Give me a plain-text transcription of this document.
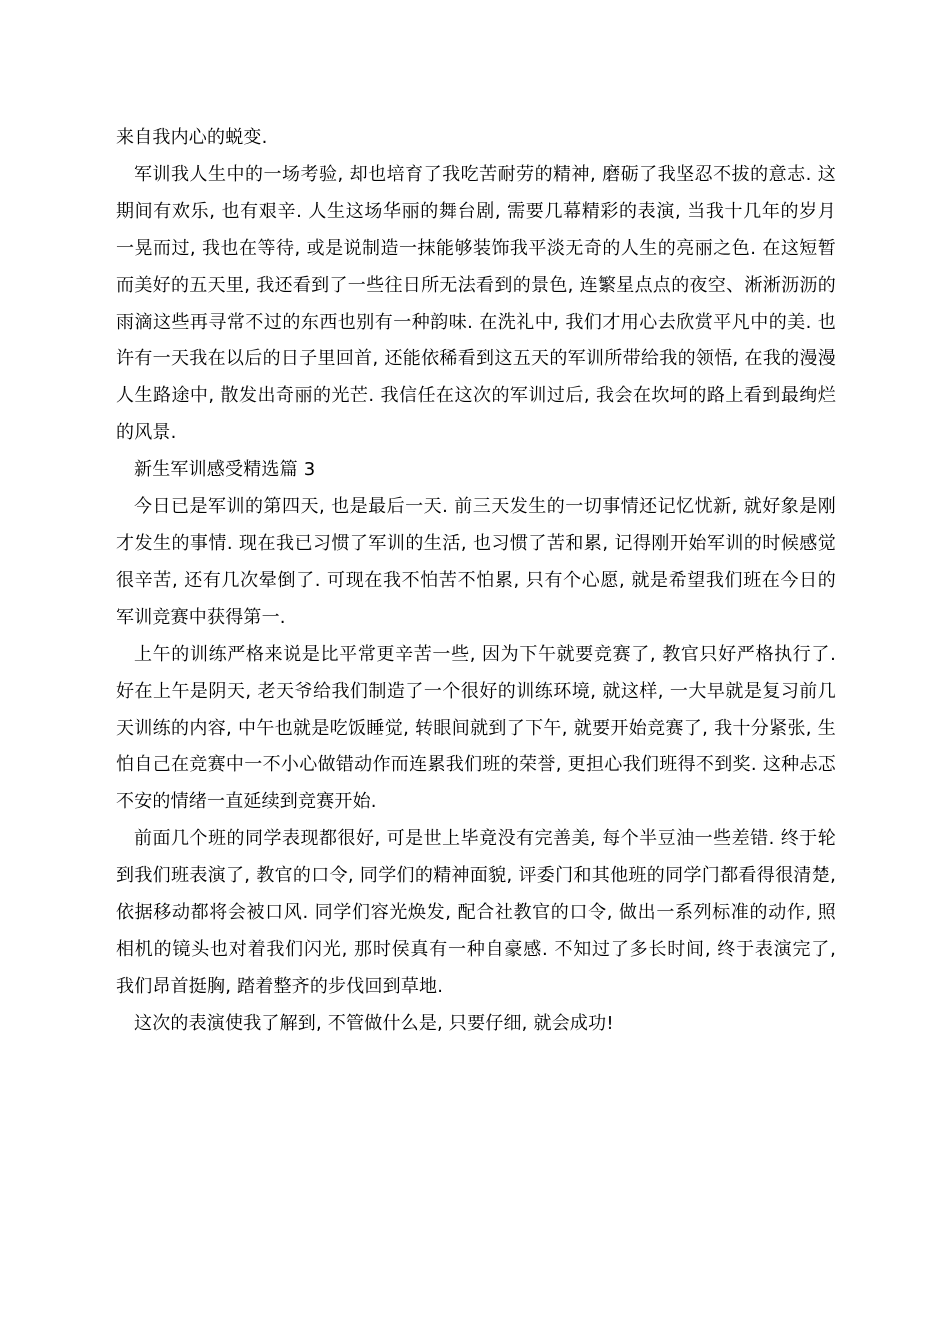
来自我内心的蜕变.

军训我人生中的一场考验, 却也培育了我吃苦耐劳的精神, 磨砺了我坚忍不拔的意志. 这期间有欢乐, 也有艰辛. 人生这场华丽的舞台剧, 需要几幕精彩的表演, 当我十几年的岁月一晃而过, 我也在等待, 或是说制造一抹能够装饰我平淡无奇的人生的亮丽之色. 在这短暂而美好的五天里, 我还看到了一些往日所无法看到的景色, 连繁星点点的夜空、淅淅沥沥的雨滴这些再寻常不过的东西也别有一种韵味. 在洗礼中, 我们才用心去欣赏平凡中的美. 也许有一天我在以后的日子里回首, 还能依稀看到这五天的军训所带给我的领悟, 在我的漫漫人生路途中, 散发出奇丽的光芒. 我信任在这次的军训过后, 我会在坎坷的路上看到最绚烂的风景.

新生军训感受精选篇 3

今日已是军训的第四天, 也是最后一天. 前三天发生的一切事情还记忆忧新, 就好象是刚才发生的事情. 现在我已习惯了军训的生活, 也习惯了苦和累, 记得刚开始军训的时候感觉很辛苦, 还有几次晕倒了. 可现在我不怕苦不怕累, 只有个心愿, 就是希望我们班在今日的军训竞赛中获得第一.

上午的训练严格来说是比平常更辛苦一些, 因为下午就要竞赛了, 教官只好严格执行了. 好在上午是阴天, 老天爷给我们制造了一个很好的训练环境, 就这样, 一大早就是复习前几天训练的内容, 中午也就是吃饭睡觉, 转眼间就到了下午, 就要开始竞赛了, 我十分紧张, 生怕自己在竞赛中一不小心做错动作而连累我们班的荣誉, 更担心我们班得不到奖. 这种忐忑不安的情绪一直延续到竞赛开始.

前面几个班的同学表现都很好, 可是世上毕竟没有完善美, 每个半豆油一些差错. 终于轮到我们班表演了, 教官的口令, 同学们的精神面貌, 评委门和其他班的同学门都看得很清楚, 依据移动都将会被口风. 同学们容光焕发, 配合社教官的口令, 做出一系列标准的动作, 照相机的镜头也对着我们闪光, 那时侯真有一种自豪感. 不知过了多长时间, 终于表演完了, 我们昂首挺胸, 踏着整齐的步伐回到草地.

这次的表演使我了解到, 不管做什么是, 只要仔细, 就会成功!
